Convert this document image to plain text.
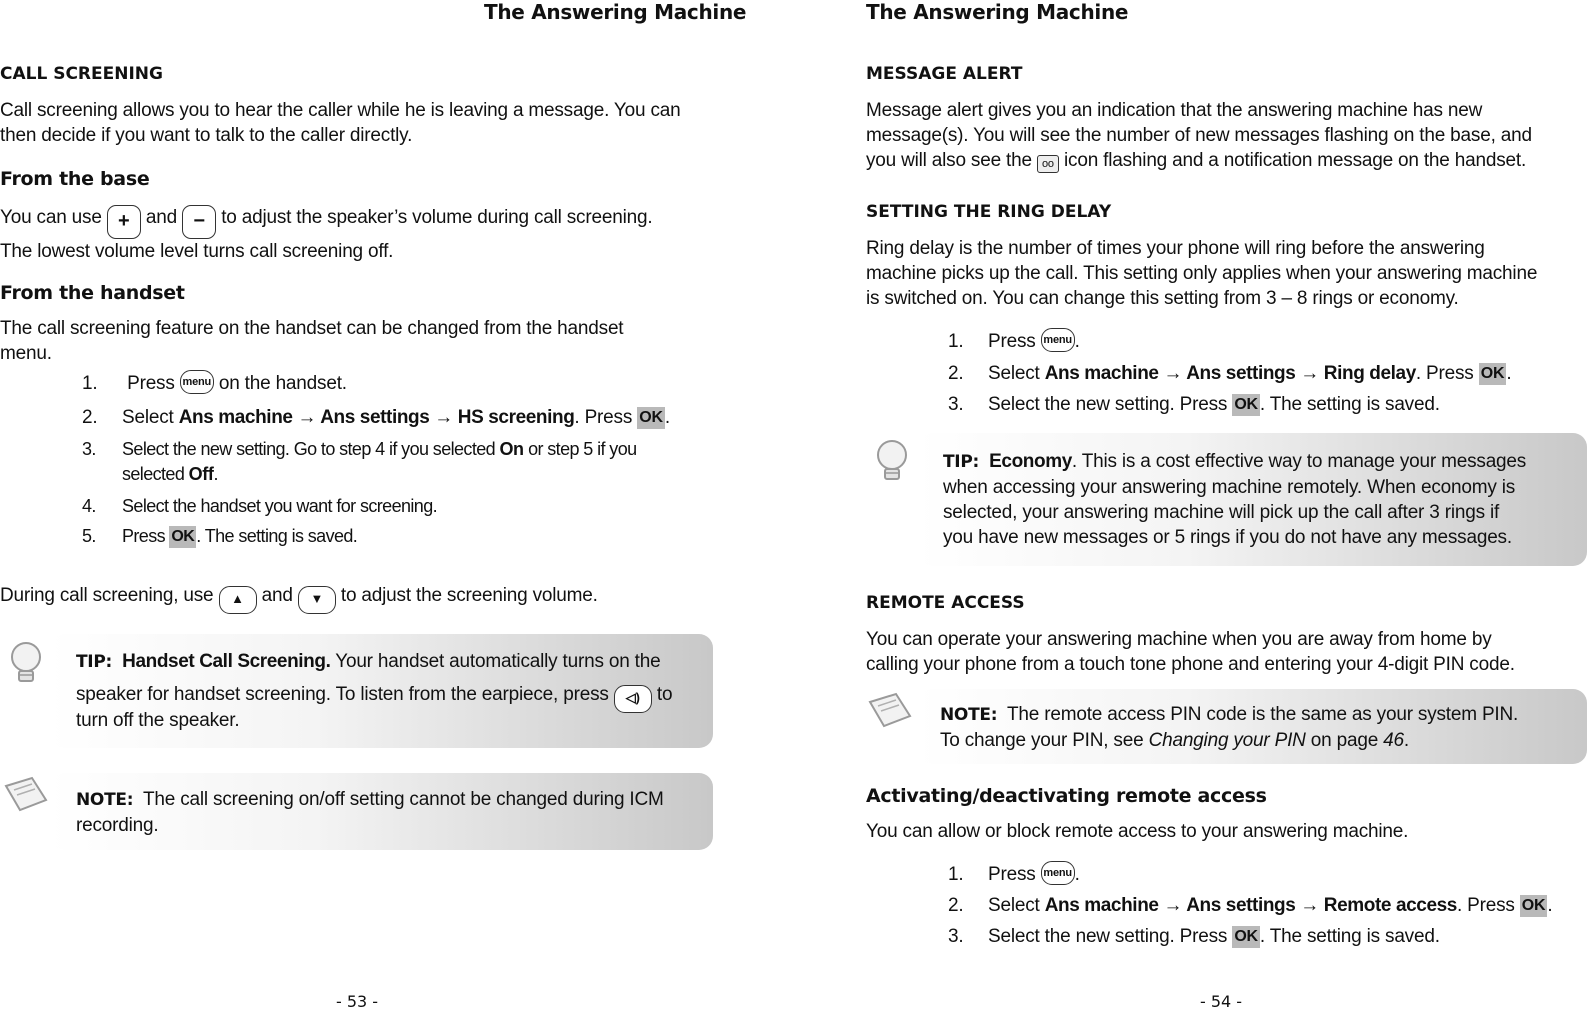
The Answering Machine
CALL SCREENING
Call screening allows you to hear the caller while he is leaving a message. You can then decide if you want to talk to the caller directly.
From the base
You can use + and − to adjust the speaker’s volume during call screening.
The lowest volume level turns call screening off.
From the handset
The call screening feature on the handset can be changed from the handset menu.
1. Press menu on the handset.
2. Select Ans machine → Ans settings → HS screening. Press OK .
3. Select the new setting. Go to step 4 if you selected On or step 5 if you
selected Off.
4. Select the handset you want for screening.
5. Press OK . The setting is saved.
During call screening, use ▲ and ▼ to adjust the screening volume.
TIP: Handset Call Screening. Your handset automatically turns on the
speaker for handset screening. To listen from the earpiece, press ◁) to
turn off the speaker.
NOTE: The call screening on/off setting cannot be changed during ICM
recording.
- 53 -
The Answering Machine
MESSAGE ALERT
Message alert gives you an indication that the answering machine has new
message(s). You will see the number of new messages flashing on the base, and
you will also see the oo icon flashing and a notification message on the handset.
SETTING THE RING DELAY
Ring delay is the number of times your phone will ring before the answering
machine picks up the call. This setting only applies when your answering machine
is switched on. You can change this setting from 3 – 8 rings or economy.
1. Press menu .
2. Select Ans machine → Ans settings → Ring delay. Press OK .
3. Select the new setting. Press OK . The setting is saved.
TIP: Economy. This is a cost effective way to manage your messages
when accessing your answering machine remotely. When economy is
selected, your answering machine will pick up the call after 3 rings if
you have new messages or 5 rings if you do not have any messages.
REMOTE ACCESS
You can operate your answering machine when you are away from home by
calling your phone from a touch tone phone and entering your 4-digit PIN code.
NOTE: The remote access PIN code is the same as your system PIN.
To change your PIN, see Changing your PIN on page 46.
Activating/deactivating remote access
You can allow or block remote access to your answering machine.
1. Press menu .
2. Select Ans machine → Ans settings → Remote access. Press OK .
3. Select the new setting. Press OK . The setting is saved.
- 54 -
